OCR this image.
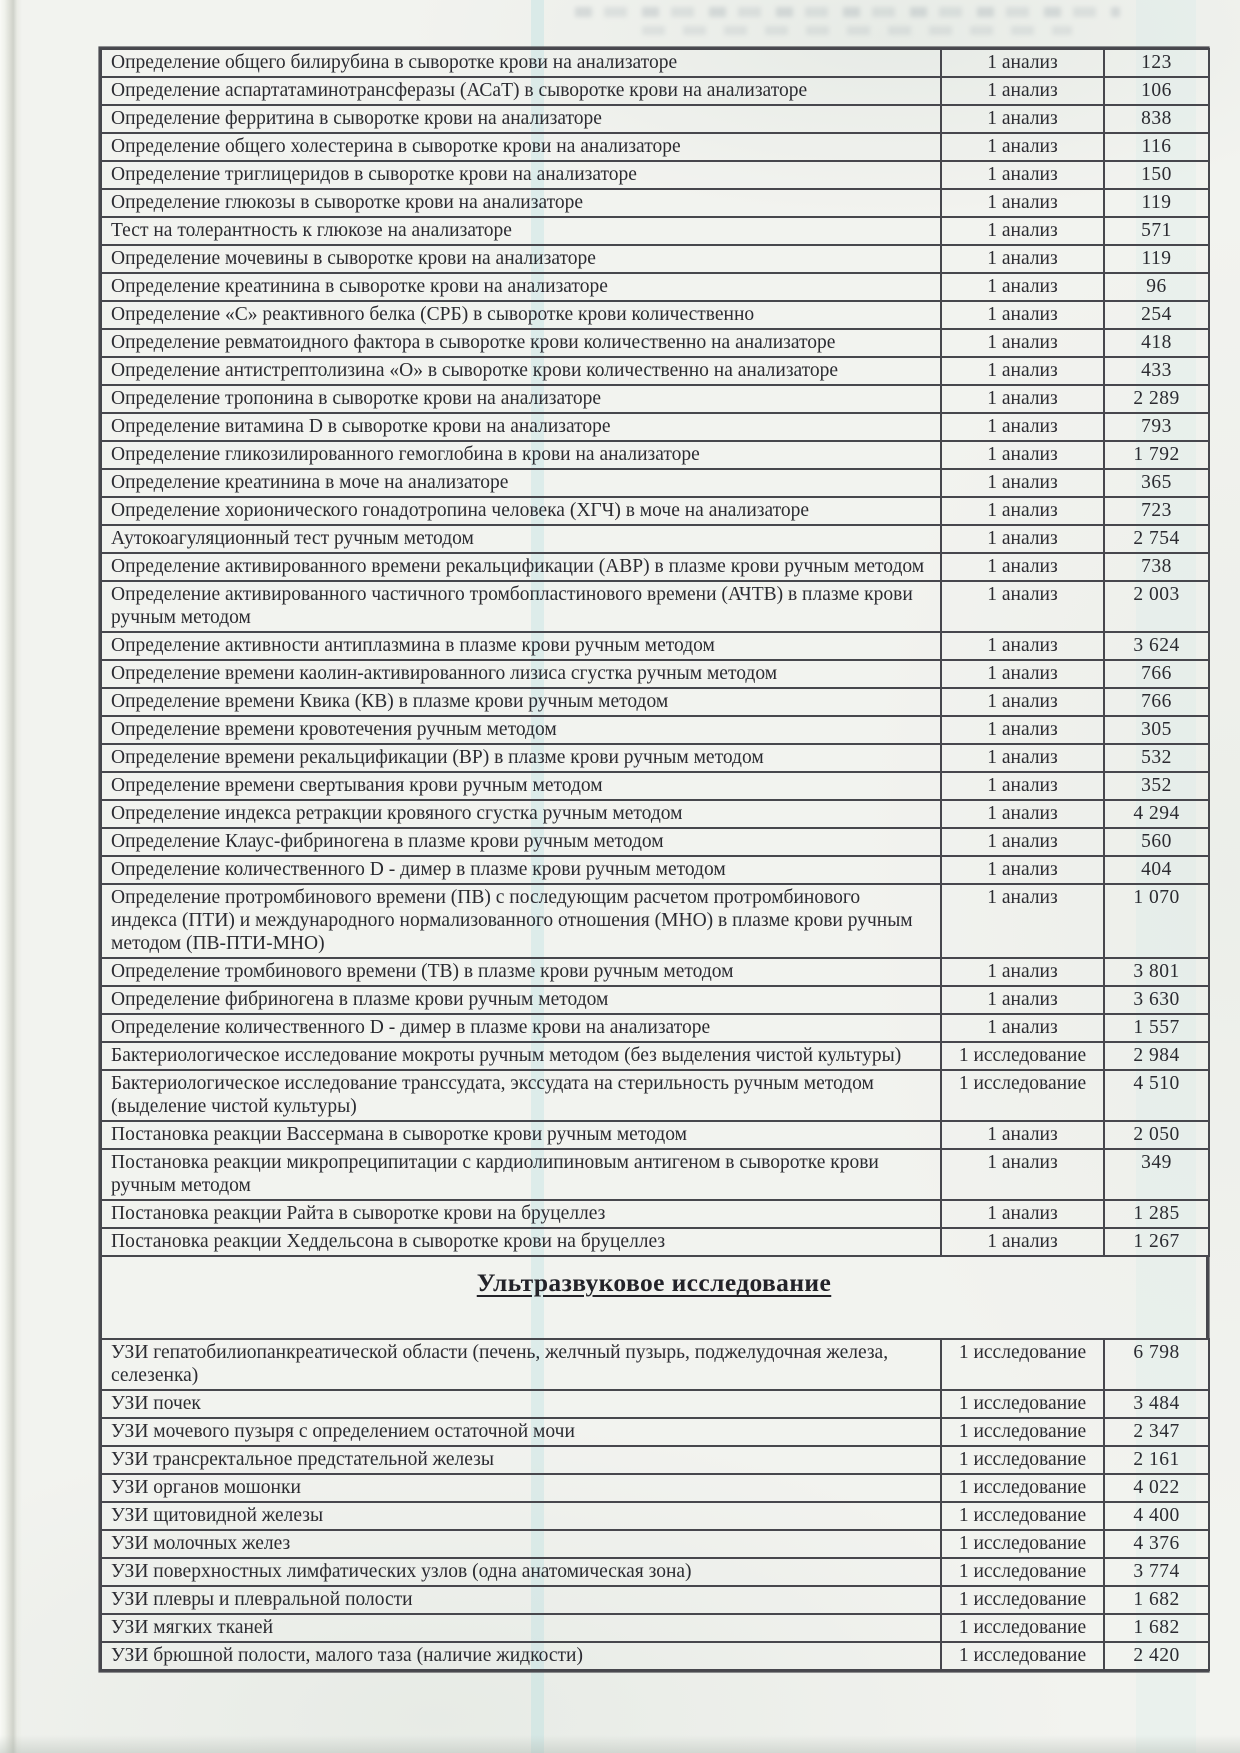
Определение общего билирубина в сыворотке крови на анализаторе	1 анализ	123
Определение аспартатаминотрансферазы (АСаТ) в сыворотке крови на анализаторе	1 анализ	106
Определение ферритина в сыворотке крови на анализаторе	1 анализ	838
Определение общего холестерина в сыворотке крови на анализаторе	1 анализ	116
Определение триглицеридов в сыворотке крови на анализаторе	1 анализ	150
Определение глюкозы в сыворотке крови на анализаторе	1 анализ	119
Тест на толерантность к глюкозе на анализаторе	1 анализ	571
Определение мочевины в сыворотке крови на анализаторе	1 анализ	119
Определение креатинина в сыворотке крови на анализаторе	1 анализ	96
Определение «С» реактивного белка (СРБ) в сыворотке крови количественно	1 анализ	254
Определение ревматоидного фактора в сыворотке крови количественно на анализаторе	1 анализ	418
Определение антистрептолизина «О» в сыворотке крови количественно на анализаторе	1 анализ	433
Определение тропонина в сыворотке крови на анализаторе	1 анализ	2 289
Определение витамина D в сыворотке крови на анализаторе	1 анализ	793
Определение гликозилированного гемоглобина в крови на анализаторе	1 анализ	1 792
Определение креатинина в моче на анализаторе	1 анализ	365
Определение хорионического гонадотропина человека (ХГЧ) в моче на анализаторе	1 анализ	723
Аутокоагуляционный тест ручным методом	1 анализ	2 754
Определение активированного времени рекальцификации (АВР) в плазме крови ручным методом	1 анализ	738
Определение активированного частичного тромбопластинового времени (АЧТВ) в плазме крови ручным методом	1 анализ	2 003
Определение активности антиплазмина в плазме крови ручным методом	1 анализ	3 624
Определение времени каолин-активированного лизиса сгустка ручным методом	1 анализ	766
Определение времени Квика (КВ) в плазме крови ручным методом	1 анализ	766
Определение времени кровотечения ручным методом	1 анализ	305
Определение времени рекальцификации (ВР) в плазме крови ручным методом	1 анализ	532
Определение времени свертывания крови ручным методом	1 анализ	352
Определение индекса ретракции кровяного сгустка ручным методом	1 анализ	4 294
Определение Клаус-фибриногена в плазме крови ручным методом	1 анализ	560
Определение количественного D - димер в плазме крови ручным методом	1 анализ	404
Определение протромбинового времени (ПВ) с последующим расчетом протромбинового индекса (ПТИ) и международного нормализованного отношения (МНО) в плазме крови ручным методом (ПВ-ПТИ-МНО)	1 анализ	1 070
Определение тромбинового времени (ТВ) в плазме крови ручным методом	1 анализ	3 801
Определение фибриногена в плазме крови ручным методом	1 анализ	3 630
Определение количественного D - димер в плазме крови на анализаторе	1 анализ	1 557
Бактериологическое исследование мокроты ручным методом (без выделения чистой культуры)	1 исследование	2 984
Бактериологическое исследование транссудата, экссудата на стерильность ручным методом (выделение чистой культуры)	1 исследование	4 510
Постановка реакции Вассермана в сыворотке крови ручным методом	1 анализ	2 050
Постановка реакции микропреципитации с кардиолипиновым антигеном в сыворотке крови ручным методом	1 анализ	349
Постановка реакции Райта в сыворотке крови на бруцеллез	1 анализ	1 285
Постановка реакции Хеддельсона в сыворотке крови на бруцеллез	1 анализ	1 267
Ультразвуковое исследование
УЗИ гепатобилиопанкреатической области (печень, желчный пузырь, поджелудочная железа, селезенка)	1 исследование	6 798
УЗИ почек	1 исследование	3 484
УЗИ мочевого пузыря с определением остаточной мочи	1 исследование	2 347
УЗИ трансректальное предстательной железы	1 исследование	2 161
УЗИ органов мошонки	1 исследование	4 022
УЗИ щитовидной железы	1 исследование	4 400
УЗИ молочных желез	1 исследование	4 376
УЗИ поверхностных лимфатических узлов (одна анатомическая зона)	1 исследование	3 774
УЗИ плевры и плевральной полости	1 исследование	1 682
УЗИ мягких тканей	1 исследование	1 682
УЗИ брюшной полости, малого таза (наличие жидкости)	1 исследование	2 420
